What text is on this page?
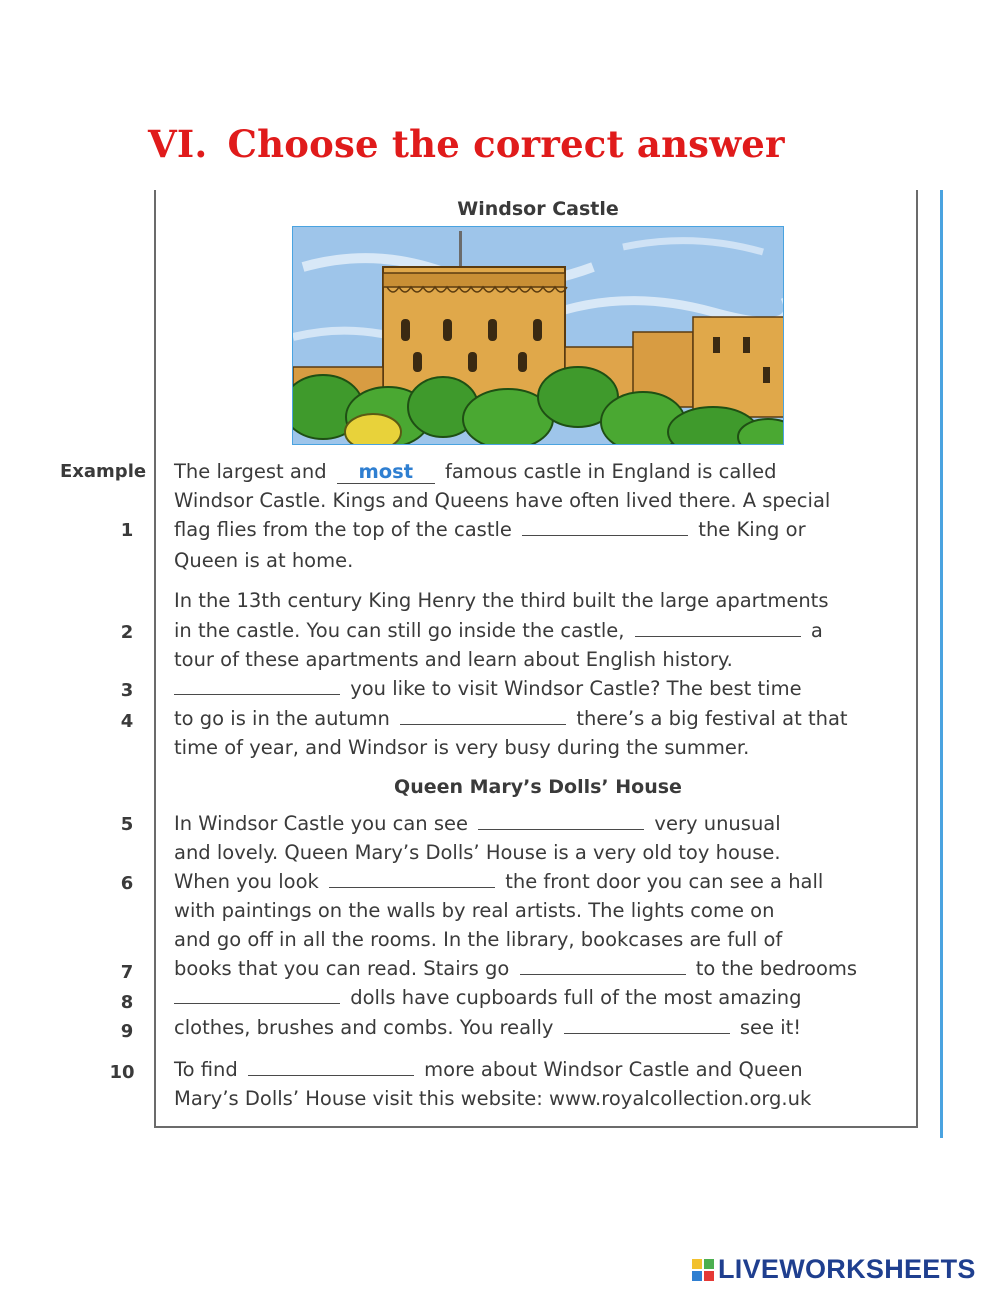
VI. Choose the correct answer
Windsor Castle
Queen Mary’s Dolls’ House
Example
1
2
3
4
5
6
7
8
9
10
The largest and most famous castle in England is called
Windsor Castle. Kings and Queens have often lived there. A special
flag flies from the top of the castle	the King or
Queen is at home.
In the 13th century King Henry the third built the large apartments
in the castle. You can still go inside the castle,	a
tour of these apartments and learn about English history.
you like to visit Windsor Castle? The best time
to go is in the autumn	there’s a big festival at that
time of year, and Windsor is very busy during the summer.
In Windsor Castle you can see	very unusual
and lovely. Queen Mary’s Dolls’ House is a very old toy house.
When you look	the front door you can see a hall
with paintings on the walls by real artists. The lights come on
and go off in all the rooms. In the library, bookcases are full of
books that you can read. Stairs go	to the bedrooms
dolls have cupboards full of the most amazing
clothes, brushes and combs. You really	see it!
To find	more about Windsor Castle and Queen
Mary’s Dolls’ House visit this website: www.royalcollection.org.uk
LIVEWORKSHEETS
